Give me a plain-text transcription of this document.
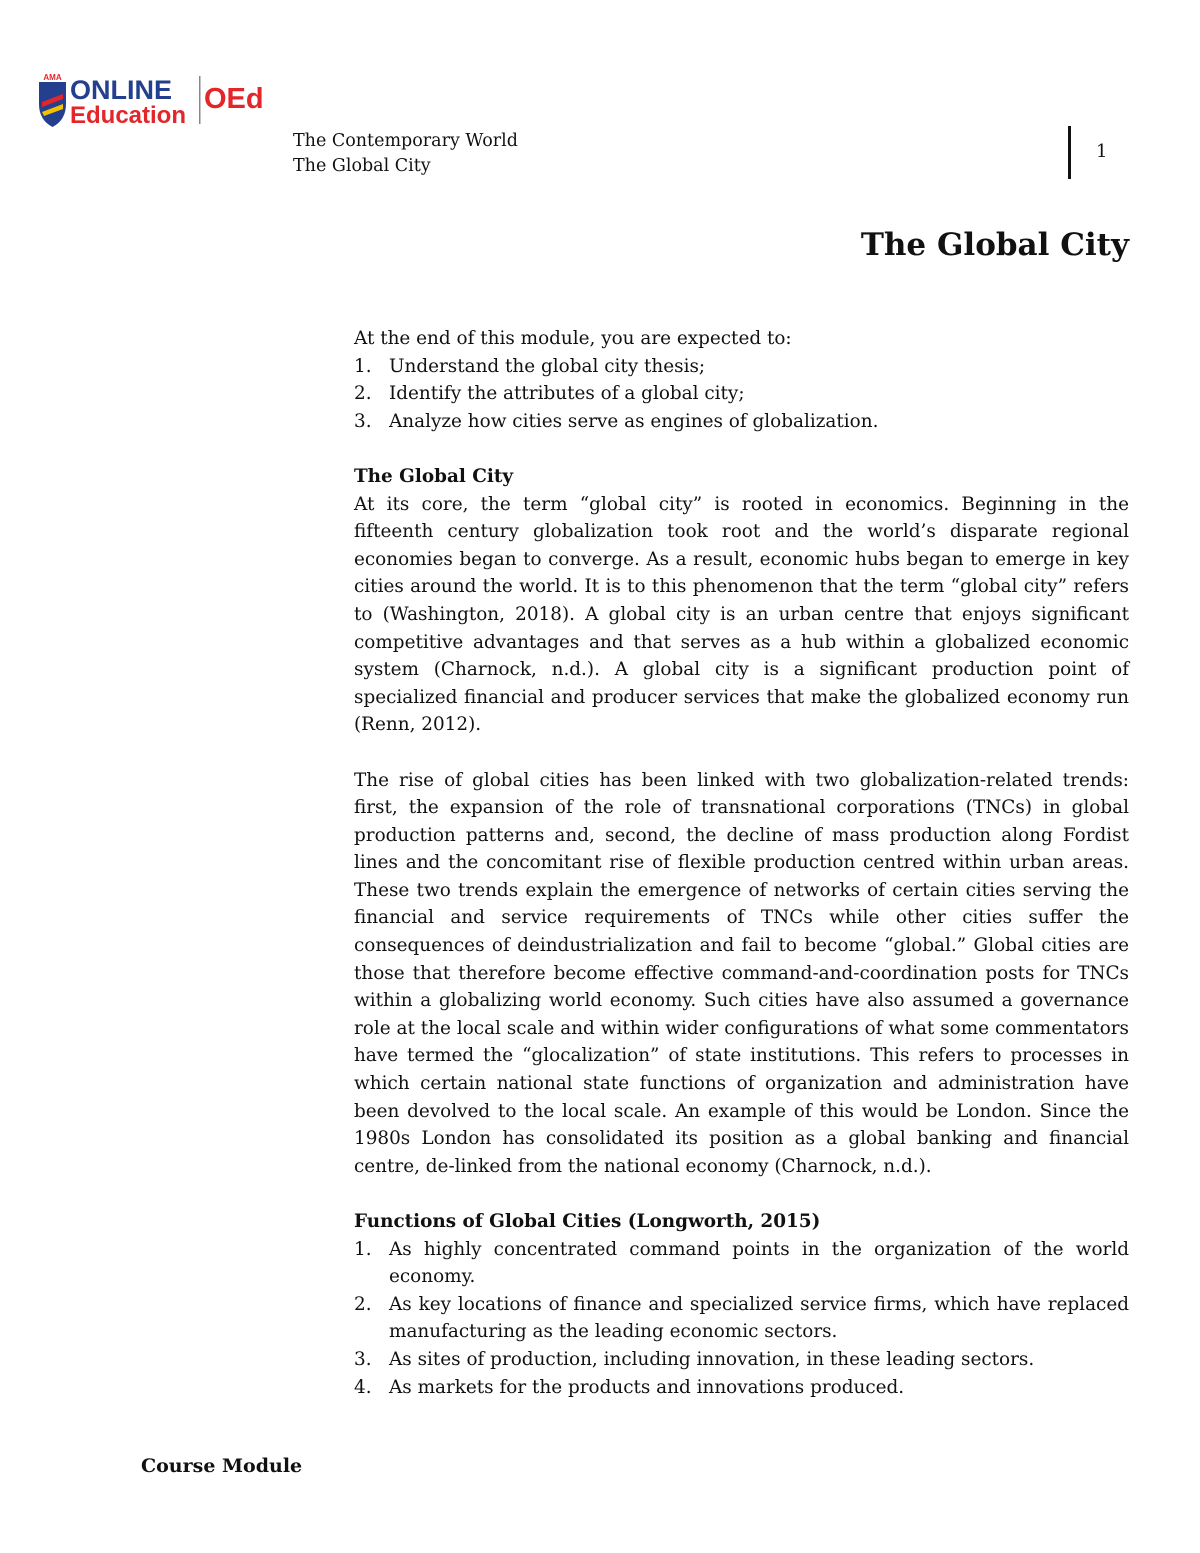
AMA ONLINE
Education
OEd
The Contemporary World
The Global City
1
The Global City

At the end of this module, you are expected to:

1. Understand the global city thesis;
2. Identify the attributes of a global city;
3. Analyze how cities serve as engines of globalization.
The Global City

At its core, the term “global city” is rooted in economics. Beginning in the fifteenth century globalization took root and the world’s disparate regional economies began to converge. As a result, economic hubs began to emerge in key cities around the world. It is to this phenomenon that the term “global city” refers to (Washington, 2018). A global city is an urban centre that enjoys significant competitive advantages and that serves as a hub within a globalized economic system (Charnock, n.d.). A global city is a significant production point of specialized financial and producer services that make the globalized economy run (Renn, 2012).

The rise of global cities has been linked with two globalization-related trends: first, the expansion of the role of transnational corporations (TNCs) in global production patterns and, second, the decline of mass production along Fordist lines and the concomitant rise of flexible production centred within urban areas. These two trends explain the emergence of networks of certain cities serving the financial and service requirements of TNCs while other cities suffer the consequences of deindustrialization and fail to become “global.” Global cities are those that therefore become effective command-and-coordination posts for TNCs within a globalizing world economy. Such cities have also assumed a governance role at the local scale and within wider configurations of what some commentators have termed the “glocalization” of state institutions. This refers to processes in which certain national state functions of organization and administration have been devolved to the local scale. An example of this would be London. Since the 1980s London has consolidated its position as a global banking and financial centre, de-linked from the national economy (Charnock, n.d.).

Functions of Global Cities (Longworth, 2015)
1. As highly concentrated command points in the organization of the world economy.
2. As key locations of finance and specialized service firms, which have replaced manufacturing as the leading economic sectors.
3. As sites of production, including innovation, in these leading sectors.
4. As markets for the products and innovations produced.
Course Module
